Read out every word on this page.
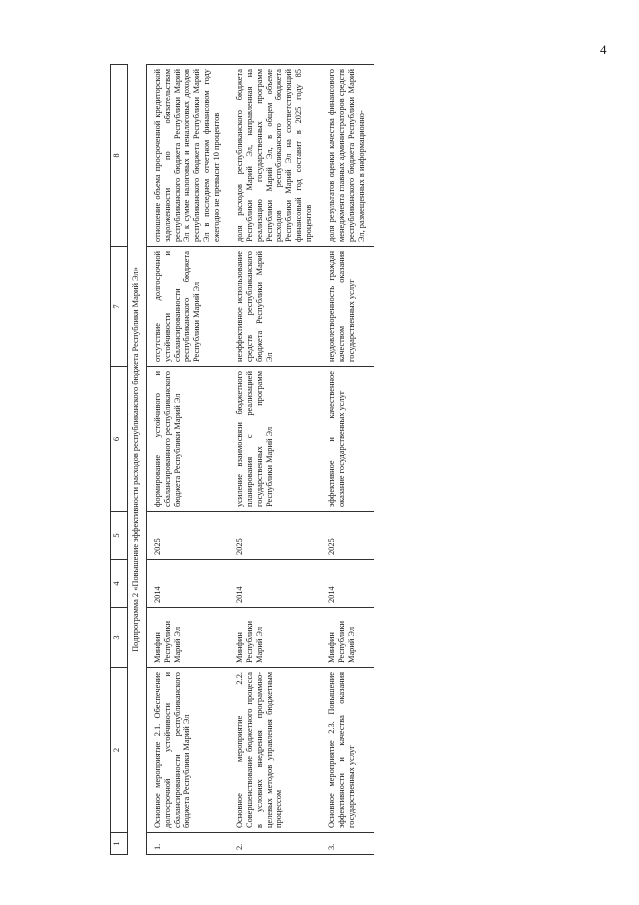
4
1	2	3	4	5	6	7	8
Подпрограмма 2 «Повышение эффективности расходов республиканского бюджета Республики Марий Эл»							
1.	Основное мероприятие 2.1. Обеспечение долгосрочной устойчивости и сбалансированности республиканского бюджета Республики Марий Эл	Минфин Республики Марий Эл	2014	2025	формирование устойчивого и сбалансированного республиканского бюджета Республики Марий Эл	отсутствие долгосрочной устойчивости и сбалансированности республиканского бюджета Республики Марий Эл	отношение объема просроченной кредиторской задолженности по обязательствам республиканского бюджета Республики Марий Эл к сумме налоговых и неналоговых доходов республиканского бюджета Республики Марий Эл в последнем отчетном финансовом году ежегодно не превысит 10 процентов
2.	Основное мероприятие 2.2. Совершенствование бюджетного процесса в условиях внедрения программно-целевых методов управления бюджетным процессом	Минфин Республики Марий Эл	2014	2025	усиление взаимосвязи бюджетного планирования с реализацией государственных программ Республики Марий Эл	неэффективное использование средств республиканского бюджета Республики Марий Эл	доля расходов республиканского бюджета Республики Марий Эл, направленная на реализацию государственных программ Республики Марий Эл, в общем объеме расходов республиканского бюджета Республики Марий Эл на соответствующий финансовый год составит в 2025 году 85 процентов
3.	Основное мероприятие 2.3. Повышение эффективности и качества оказания государственных услуг	Минфин Республики Марий Эл	2014	2025	эффективное и качественное оказание государственных услуг	неудовлетворенность граждан качеством оказания государственных услуг	доля результатов оценки качества финансового менеджмента главных администраторов средств республиканского бюджета Республики Марий Эл, размещенных в информационно-
